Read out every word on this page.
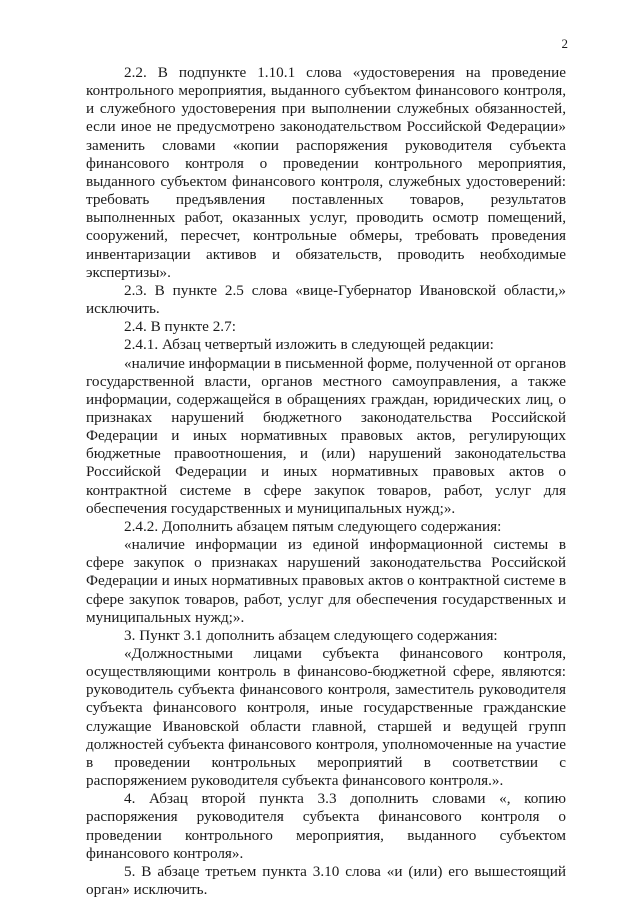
2

2.2. В подпункте 1.10.1 слова «удостоверения на проведение контрольного мероприятия, выданного субъектом финансового контроля, и служебного удостоверения при выполнении служебных обязанностей, если иное не предусмотрено законодательством Российской Федерации» заменить словами «копии распоряжения руководителя субъекта финансового контроля о проведении контрольного мероприятия, выданного субъектом финансового контроля, служебных удостоверений: требовать предъявления поставленных товаров, результатов выполненных работ, оказанных услуг, проводить осмотр помещений, сооружений, пересчет, контрольные обмеры, требовать проведения инвентаризации активов и обязательств, проводить необходимые экспертизы».

2.3. В пункте 2.5 слова «вице-Губернатор Ивановской области,» исключить.

2.4. В пункте 2.7:

2.4.1. Абзац четвертый изложить в следующей редакции:

«наличие информации в письменной форме, полученной от органов государственной власти, органов местного самоуправления, а также информации, содержащейся в обращениях граждан, юридических лиц, о признаках нарушений бюджетного законодательства Российской Федерации и иных нормативных правовых актов, регулирующих бюджетные правоотношения, и (или) нарушений законодательства Российской Федерации и иных нормативных правовых актов о контрактной системе в сфере закупок товаров, работ, услуг для обеспечения государственных и муниципальных нужд;».

2.4.2. Дополнить абзацем пятым следующего содержания:

«наличие информации из единой информационной системы в сфере закупок о признаках нарушений законодательства Российской Федерации и иных нормативных правовых актов о контрактной системе в сфере закупок товаров, работ, услуг для обеспечения государственных и муниципальных нужд;».

3. Пункт 3.1 дополнить абзацем следующего содержания:

«Должностными лицами субъекта финансового контроля, осуществляющими контроль в финансово-бюджетной сфере, являются: руководитель субъекта финансового контроля, заместитель руководителя субъекта финансового контроля, иные государственные гражданские служащие Ивановской области главной, старшей и ведущей групп должностей субъекта финансового контроля, уполномоченные на участие в проведении контрольных мероприятий в соответствии с распоряжением руководителя субъекта финансового контроля.».

4. Абзац второй пункта 3.3 дополнить словами «, копию распоряжения руководителя субъекта финансового контроля о проведении контрольного мероприятия, выданного субъектом финансового контроля».

5. В абзаце третьем пункта 3.10 слова «и (или) его вышестоящий орган» исключить.
